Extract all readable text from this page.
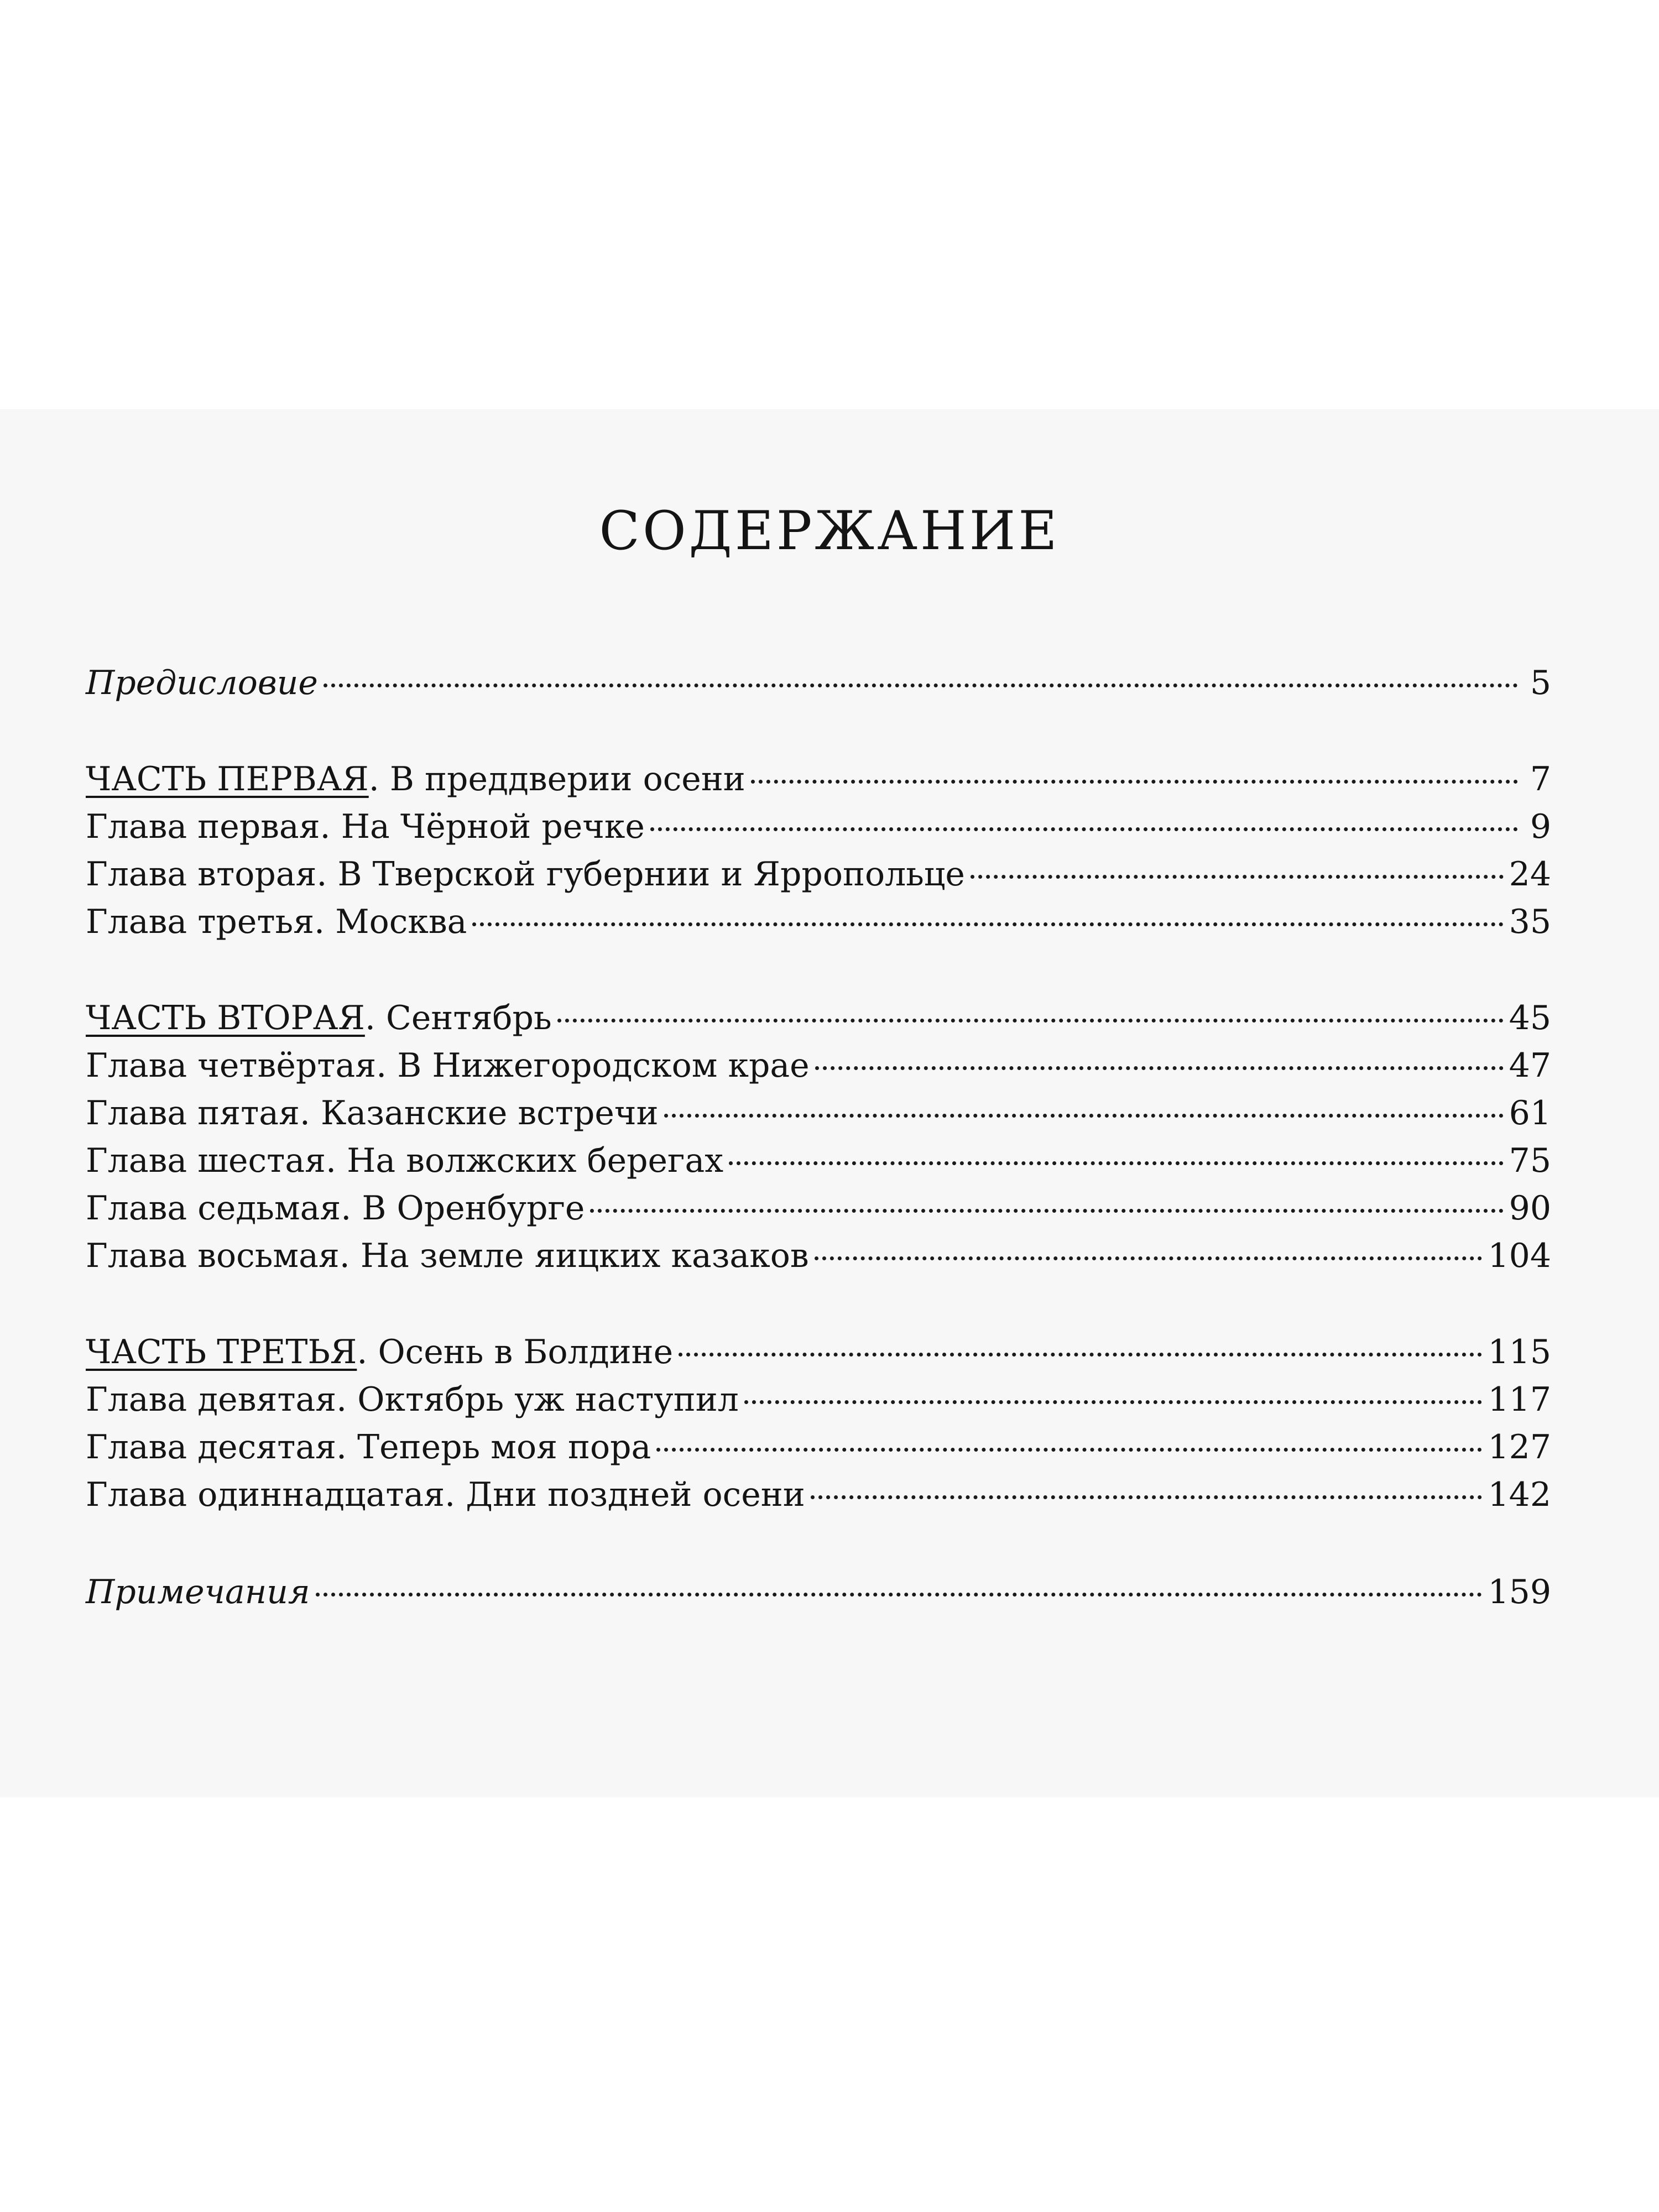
СОДЕРЖАНИЕ
Предисловие	5
ЧАСТЬ ПЕРВАЯ. В преддверии осени	7
Глава первая. На Чёрной речке	9
Глава вторая. В Тверской губернии и Ярропольце	24
Глава третья. Москва	35
ЧАСТЬ ВТОРАЯ. Сентябрь	45
Глава четвёртая. В Нижегородском крае	47
Глава пятая. Казанские встречи	61
Глава шестая. На волжских берегах	75
Глава седьмая. В Оренбурге	90
Глава восьмая. На земле яицких казаков	104
ЧАСТЬ ТРЕТЬЯ. Осень в Болдине	115
Глава девятая. Октябрь уж наступил	117
Глава десятая. Теперь моя пора	127
Глава одиннадцатая. Дни поздней осени	142
Примечания	159
